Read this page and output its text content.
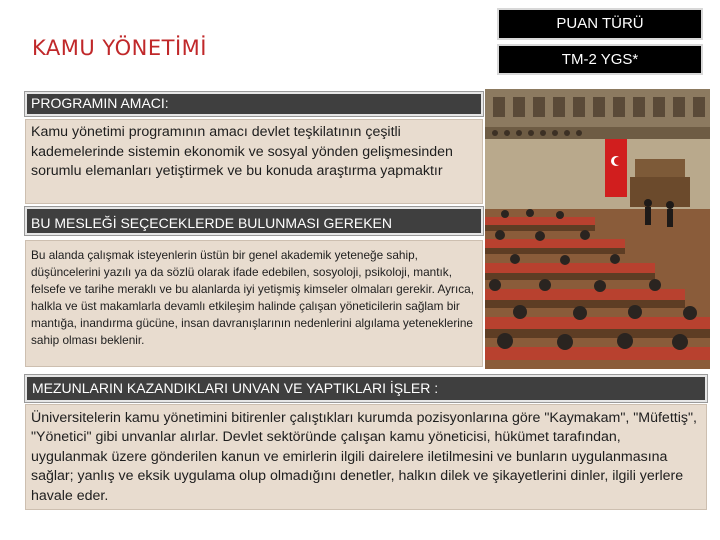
KAMU YÖNETİMİ
PUAN TÜRÜ
TM-2 YGS*
PROGRAMIN AMACI:
Kamu yönetimi programının amacı devlet teşkilatının çeşitli kademelerinde sistemin ekonomik ve sosyal yönden gelişmesinden sorumlu elemanları yetiştirmek ve bu konuda araştırma yapmaktır
BU MESLEĞİ SEÇECEKLERDE BULUNMASI GEREKEN
Bu alanda çalışmak isteyenlerin üstün bir genel akademik yeteneğe sahip, düşüncelerini yazılı ya da sözlü olarak ifade edebilen, sosyoloji, psikoloji, mantık, felsefe ve tarihe meraklı ve bu alanlarda iyi yetişmiş kimseler olmaları gerekir. Ayrıca, halkla ve üst makamlarla devamlı etkileşim halinde çalışan yöneticilerin sağlam bir mantığa, inandırma gücüne, insan davranışlarının nedenlerini algılama yeteneklerine sahip olması beklenir.
MEZUNLARIN KAZANDIKLARI UNVAN VE YAPTIKLARI İŞLER :
Üniversitelerin kamu yönetimini bitirenler çalıştıkları kurumda pozisyonlarına göre "Kaymakam", "Müfettiş", "Yönetici" gibi unvanlar alırlar. Devlet sektöründe çalışan kamu yöneticisi, hükümet tarafından, uygulanmak üzere gönderilen kanun ve emirlerin ilgili dairelere iletilmesini ve bunların uygulanmasına sağlar; yanlış ve eksik uygulama olup olmadığını denetler, halkın dilek ve şikayetlerini dinler, ilgili yerlere havale eder.
